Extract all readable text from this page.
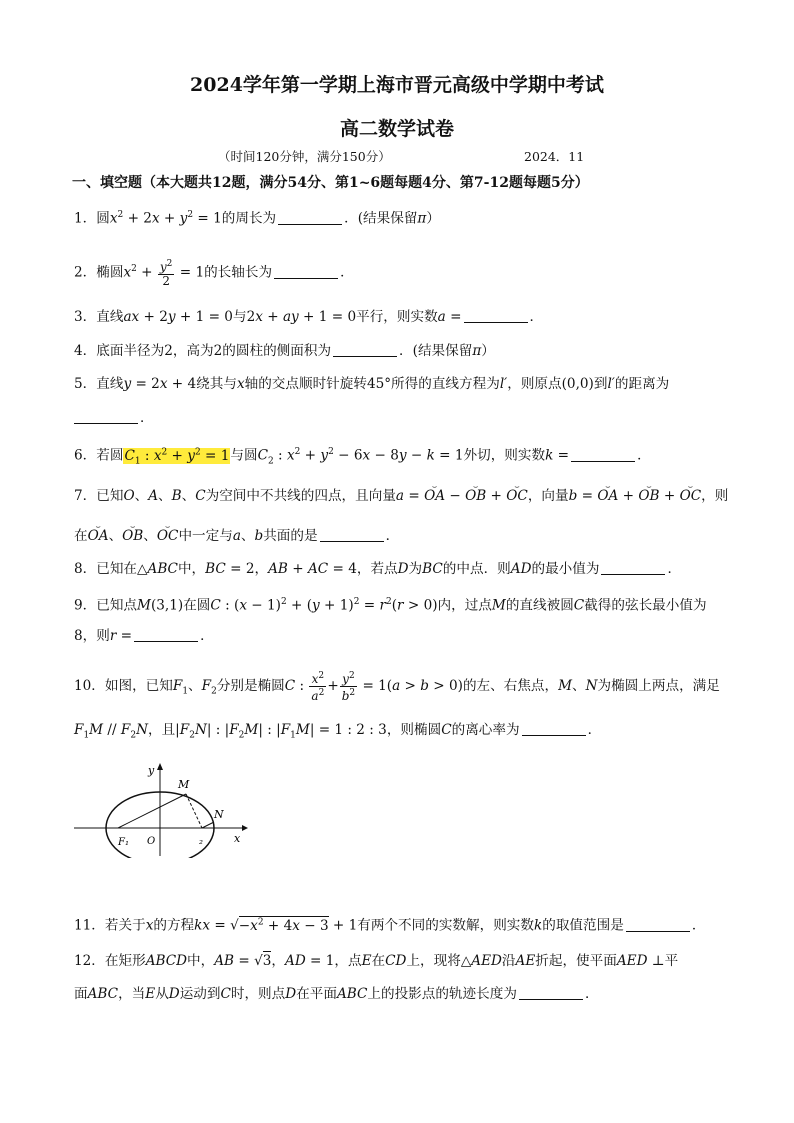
2024学年第一学期上海市晋元高级中学期中考试
高二数学试卷
（时间120分钟，满分150分）	2024．11
一、填空题（本大题共12题，满分54分、第1~6题每题4分、第7-12题每题5分）
1．圆$x^2 + 2x + y^2 = 1$的周长为	．(结果保留π）
2．椭圆$x^2 + \frac{y^2}{2} = 1$的长轴长为	．
3．直线ax + 2y + 1 = 0与2x + ay + 1 = 0平行，则实数a =	．
4．底面半径为2，高为2的圆柱的侧面积为	．(结果保留π）
5．直线y = 2x + 4绕其与x轴的交点顺时针旋转45°所得的直线方程为l′，则原点(0,0)到l′的距离为
．
6．若圆$C_1$ : $x^2 + y^2 = 1$与圆$C_2$ : $x^2 + y^2 - 6x - 8y - k = 1$外切，则实数k =	．
7．已知O、A、B、C为空间中不共线的四点，且向量a = ⌣ OA − ⌣ OB + ⌣ OC，向量b = ⌣ OA + ⌣ OB + ⌣ OC，则
在⌣ OA、⌣ OB、⌣ OC中一定与a、b共面的是	．
8．已知在△ABC中，BC = 2，AB + AC = 4，若点D为BC的中点．则AD的最小值为	．
9．已知点M(3,1)在圆C : $(x - 1)^2 + (y + 1)^2 = r^2(r > 0)$内，过点M的直线被圆C截得的弦长最小值为
8，则r =	．
10．如图，已知$F_1$、$F_2$分别是椭圆C : $\frac{x^2}{a^2} + \frac{y^2}{b^2} = 1(a > b > 0)$的左、右焦点，M、N为椭圆上两点，满足
$F_1M // F_2N$，且$|F_2N|$ : $|F_2M|$ : $|F_1M| = 1$ : 2 : 3，则椭圆C的离心率为	．
y
x
M
N
F₁ O	₂
11．若关于x的方程kx = $√-x^2 + 4x - 3 + 1$有两个不同的实数解，则实数k的取值范围是	．
12．在矩形ABCD中，AB = √3，AD = 1，点E在CD上，现将△AED沿AE折起，使平面AED ⊥平
面ABC，当E从D运动到C时，则点D在平面ABC上的投影点的轨迹长度为	．
